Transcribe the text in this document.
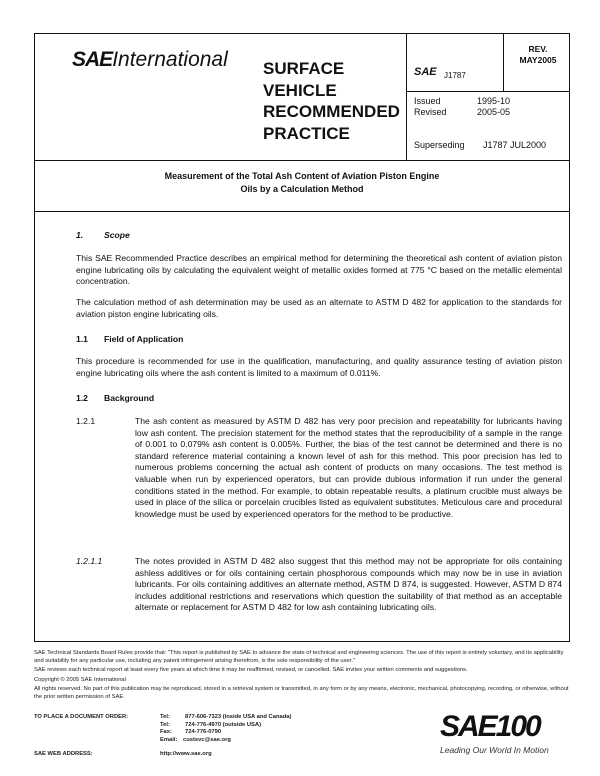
SAEInternational SURFACE
VEHICLE
RECOMMENDED
PRACTICE
SAE J1787
REV.
MAY2005
Issued	1995-10
Revised	2005-05
Superseding J1787 JUL2000
Measurement of the Total Ash Content of Aviation Piston Engine
Oils by a Calculation Method
1. Scope
This SAE Recommended Practice describes an empirical method for determining the theoretical ash content of aviation piston engine lubricating oils by calculating the equivalent weight of metallic oxides formed at 775 °C based on the metallic elemental concentration.
The calculation method of ash determination may be used as an alternate to ASTM D 482 for application to the standards for aviation piston engine lubricating oils.
1.1 Field of Application
This procedure is recommended for use in the qualification, manufacturing, and quality assurance testing of aviation piston engine lubricating oils where the ash content is limited to a maximum of 0.011%.
1.2 Background
1.2.1	The ash content as measured by ASTM D 482 has very poor precision and repeatability for lubricants having low ash content. The precision statement for the method states that the reproducibility of a sample in the range of 0.001 to 0.079% ash content is 0.005%. Further, the bias of the test cannot be determined and there is no standard reference material containing a known level of ash for this method. This poor precision has led to numerous problems concerning the actual ash content of products on many occasions. The test method is valuable when run by experienced operators, but can provide dubious information if run under the general conditions stated in the method. For example, to obtain repeatable results, a platinum crucible must always be used in place of the silica or porcelain crucibles listed as equivalent substitutes. Meticulous care and procedural knowledge must be used by experienced operators for the method to be productive.
1.2.1.1	The notes provided in ASTM D 482 also suggest that this method may not be appropriate for oils containing ashless additives or for oils containing certain phosphorous compounds which may now be in use in aviation lubricants. For oils containing additives an alternate method, ASTM D 874, is suggested. However, ASTM D 874 includes additional restrictions and reservations which question the suitability of that method as an acceptable alternate or replacement for ASTM D 482 for low ash containing lubricating oils.
SAE Technical Standards Board Rules provide that: "This report is published by SAE to advance the state of technical and engineering sciences. The use of this report is entirely voluntary, and its applicability and suitability for any particular use, including any patent infringement arising therefrom, is the sole responsibility of the user."
SAE reviews each technical report at least every five years at which time it may be reaffirmed, revised, or cancelled. SAE invites your written comments and suggestions.
Copyright © 2005 SAE International
All rights reserved. No part of this publication may be reproduced, stored in a retrieval system or transmitted, in any form or by any means, electronic, mechanical, photocopying, recording, or otherwise, without the prior written permission of SAE.
TO PLACE A DOCUMENT ORDER:	Tel:	877-606-7323 (inside USA and Canada)
Tel:	724-776-4970 (outside USA)
Fax: 724-776-0790
Email: custsvc@sae.org
SAE WEB ADDRESS:	http://www.sae.org
SAE100
Leading Our World In Motion
